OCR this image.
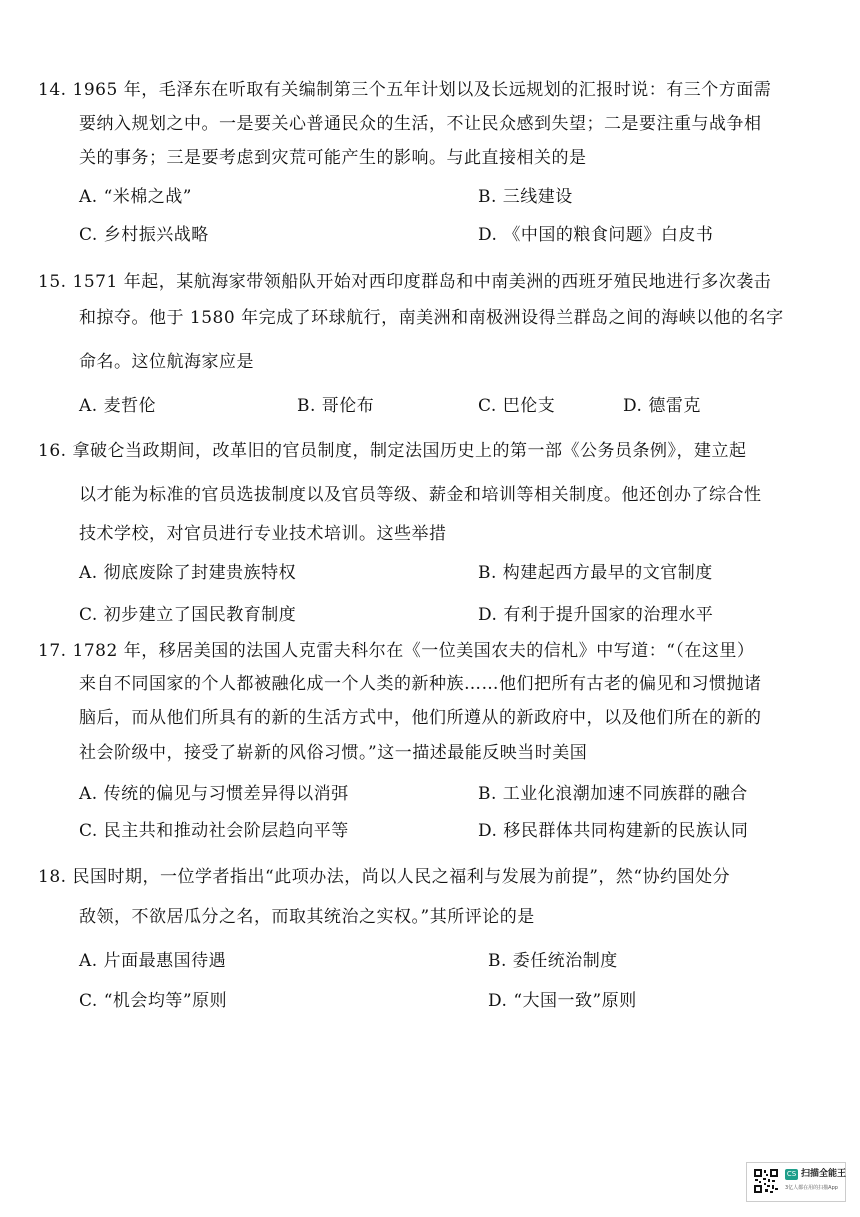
14. 1965 年，毛泽东在听取有关编制第三个五年计划以及长远规划的汇报时说：有三个方面需
要纳入规划之中。一是要关心普通民众的生活，不让民众感到失望；二是要注重与战争相
关的事务；三是要考虑到灾荒可能产生的影响。与此直接相关的是
A. “米棉之战”	B. 三线建设
C. 乡村振兴战略	D. 《中国的粮食问题》白皮书
15. 1571 年起，某航海家带领船队开始对西印度群岛和中南美洲的西班牙殖民地进行多次袭击
和掠夺。他于 1580 年完成了环球航行，南美洲和南极洲设得兰群岛之间的海峡以他的名字
命名。这位航海家应是
A. 麦哲伦	B. 哥伦布	C. 巴伦支	D. 德雷克
16. 拿破仑当政期间，改革旧的官员制度，制定法国历史上的第一部《公务员条例》，建立起
以才能为标准的官员选拔制度以及官员等级、薪金和培训等相关制度。他还创办了综合性
技术学校，对官员进行专业技术培训。这些举措
A. 彻底废除了封建贵族特权	B. 构建起西方最早的文官制度
C. 初步建立了国民教育制度	D. 有利于提升国家的治理水平
17. 1782 年，移居美国的法国人克雷夫科尔在《一位美国农夫的信札》中写道：“（在这里）
来自不同国家的个人都被融化成一个人类的新种族……他们把所有古老的偏见和习惯抛诸
脑后，而从他们所具有的新的生活方式中，他们所遵从的新政府中，以及他们所在的新的
社会阶级中，接受了崭新的风俗习惯。”这一描述最能反映当时美国
A. 传统的偏见与习惯差异得以消弭	B. 工业化浪潮加速不同族群的融合
C. 民主共和推动社会阶层趋向平等	D. 移民群体共同构建新的民族认同
18. 民国时期，一位学者指出“此项办法，尚以人民之福利与发展为前提”，然“协约国处分
敌领，不欲居瓜分之名，而取其统治之实权。”其所评论的是
A. 片面最惠国待遇	B. 委任统治制度
C. “机会均等”原则	D. “大国一致”原则
CS 扫描全能王
3亿人都在用的扫描App
